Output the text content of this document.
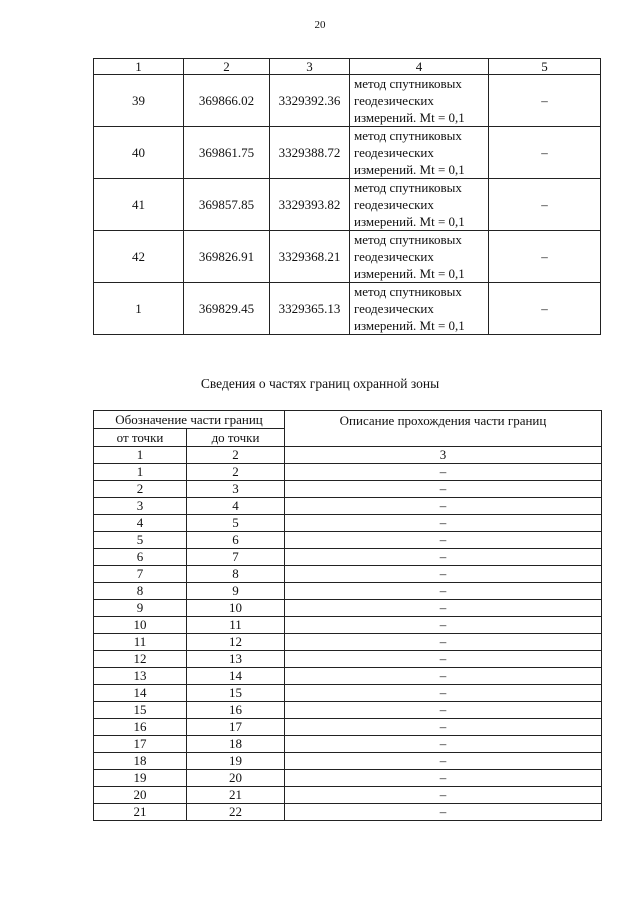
20
1	2	3	4	5
39	369866.02	3329392.36	метод спутниковых
геодезических
измерений. Mt = 0,1	–
40	369861.75	3329388.72	метод спутниковых
геодезических
измерений. Mt = 0,1	–
41	369857.85	3329393.82	метод спутниковых
геодезических
измерений. Mt = 0,1	–
42	369826.91	3329368.21	метод спутниковых
геодезических
измерений. Mt = 0,1	–
1	369829.45	3329365.13	метод спутниковых
геодезических
измерений. Mt = 0,1	–
Сведения о частях границ охранной зоны
Обозначение части границ		Описание прохождения части границ
от точки	до точки	
1	2	3
1	2	–
2	3	–
3	4	–
4	5	–
5	6	–
6	7	–
7	8	–
8	9	–
9	10	–
10	11	–
11	12	–
12	13	–
13	14	–
14	15	–
15	16	–
16	17	–
17	18	–
18	19	–
19	20	–
20	21	–
21	22	–
